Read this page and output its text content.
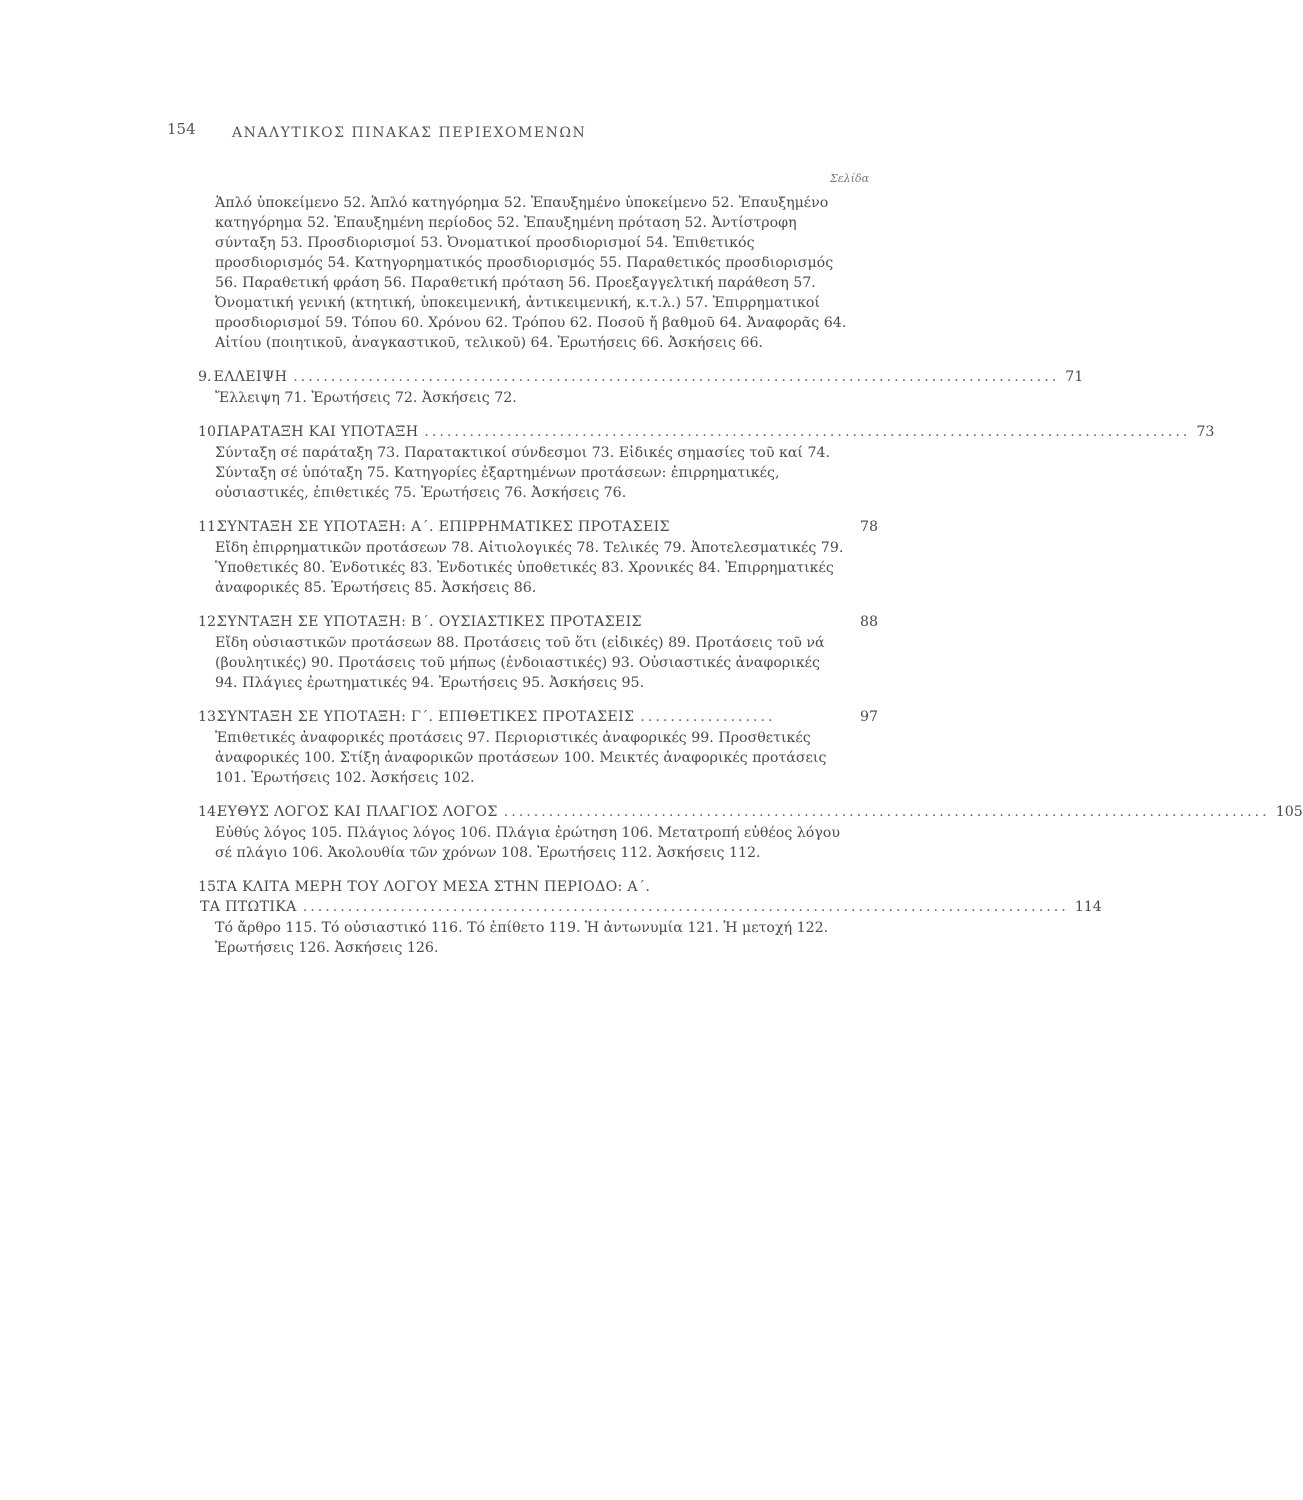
154	ΑΝΑΛΥΤΙΚΟΣ ΠΙΝΑΚΑΣ ΠΕΡΙΕΧΟΜΕΝΩΝ
Σελίδα

Ἁπλό ὑποκείμενο 52. Ἁπλό κατηγόρημα 52. Ἐπαυξημένο ὑποκείμενο 52. Ἐπαυξημένο κατηγόρημα 52. Ἐπαυξημένη περίοδος 52. Ἐπαυξημένη πρόταση 52. Ἀντίστροφη σύνταξη 53. Προσδιορισμοί 53. Ὀνοματικοί προσδιορισμοί 54. Ἐπιθετικός προσδιορισμός 54. Κατηγορηματικός προσδιορισμός 55. Παραθετικός προσδιορισμός 56. Παραθετική φράση 56. Παραθετική πρόταση 56. Προεξαγγελτική παράθεση 57. Ὀνοματική γενική (κτητική, ὑποκειμενική, ἀντικειμενική, κ.τ.λ.) 57. Ἐπιρρηματικοί προσδιορισμοί 59. Τόπου 60. Χρόνου 62. Τρόπου 62. Ποσοῦ ἤ βαθμοῦ 64. Ἀναφορᾶς 64. Αἰτίου (ποιητικοῦ, ἀναγκαστικοῦ, τελικοῦ) 64. Ἐρωτήσεις 66. Ἀσκήσεις 66.

9. ΕΛΛΕΙΨΗ ...................................................................................................... 71

Ἔλλειψη 71. Ἐρωτήσεις 72. Ἀσκήσεις 72.

10.
ΠΑΡΑΤΑΞΗ ΚΑΙ ΥΠΟΤΑΞΗ ...................................................................................................... 73

Σύνταξη σέ παράταξη 73. Παρατακτικοί σύνδεσμοι 73. Εἰδικές σημασίες τοῦ καί 74. Σύνταξη σέ ὑπόταξη 75. Κατηγορίες ἐξαρτημένων προτάσεων: ἐπιρρηματικές, οὐσιαστικές, ἐπιθετικές 75. Ἐρωτήσεις 76. Ἀσκήσεις 76.

11.
ΣΥΝΤΑΞΗ ΣΕ ΥΠΟΤΑΞΗ: Α΄. ΕΠΙΡΡΗΜΑΤΙΚΕΣ ΠΡΟΤΑΣΕΙΣ	78

Εἴδη ἐπιρρηματικῶν προτάσεων 78. Αἰτιολογικές 78. Τελικές 79. Ἀποτελεσματικές 79. Ὑποθετικές 80. Ἐνδοτικές 83. Ἐνδοτικές ὑποθετικές 83. Χρονικές 84. Ἐπιρρηματικές ἀναφορικές 85. Ἐρωτήσεις 85. Ἀσκήσεις 86.

12.
ΣΥΝΤΑΞΗ ΣΕ ΥΠΟΤΑΞΗ: Β΄. ΟΥΣΙΑΣΤΙΚΕΣ ΠΡΟΤΑΣΕΙΣ	88

Εἴδη οὐσιαστικῶν προτάσεων 88. Προτάσεις τοῦ ὅτι (εἰδικές) 89. Προτάσεις τοῦ νά (βουλητικές) 90. Προτάσεις τοῦ μήπως (ἐνδοιαστικές) 93. Οὐσιαστικές ἀναφορικές 94. Πλάγιες ἐρωτηματικές 94. Ἐρωτήσεις 95. Ἀσκήσεις 95.

13.
ΣΥΝΤΑΞΗ ΣΕ ΥΠΟΤΑΞΗ: Γ΄. ΕΠΙΘΕΤΙΚΕΣ ΠΡΟΤΑΣΕΙΣ ..................	97

Ἐπιθετικές ἀναφορικές προτάσεις 97. Περιοριστικές ἀναφορικές 99. Προσθετικές ἀναφορικές 100. Στίξη ἀναφορικῶν προτάσεων 100. Μεικτές ἀναφορικές προτάσεις 101. Ἐρωτήσεις 102. Ἀσκήσεις 102.

14.
ΕΥΘΥΣ ΛΟΓΟΣ ΚΑΙ ΠΛΑΓΙΟΣ ΛΟΓΟΣ ...................................................................................................... 105

Εὐθύς λόγος 105. Πλάγιος λόγος 106. Πλάγια ἐρώτηση 106. Μετατροπή εὐθέος λόγου σέ πλάγιο 106. Ἀκολουθία τῶν χρόνων 108. Ἐρωτήσεις 112. Ἀσκήσεις 112.

15.
ΤΑ ΚΛΙΤΑ ΜΕΡΗ ΤΟΥ ΛΟΓΟΥ ΜΕΣΑ ΣΤΗΝ ΠΕΡΙΟΔΟ: Α΄.
ΤΑ ΠΤΩΤΙΚΑ ...................................................................................................... 114

Τό ἄρθρο 115. Τό οὐσιαστικό 116. Τό ἐπίθετο 119. Ἡ ἀντωνυμία 121. Ἡ μετοχή 122. Ἐρωτήσεις 126. Ἀσκήσεις 126.
